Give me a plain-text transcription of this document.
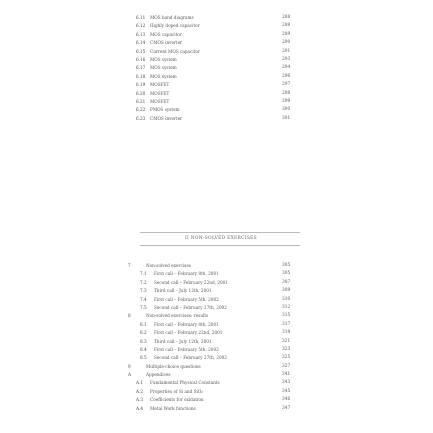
6.11 MOS band diagrams	288
6.12 Highly doped capacitor	289
6.13 MOS capacitor	289
6.14 CMOS inverter	290
6.15 Current MOS capacitor	291
6.16 MOS system	293
6.17 MOS system	294
6.18 MOS system	296
6.19 MOSFET	297
6.20 MOSFET	298
6.21 MOSFET	299
6.22 PMOS system	300
6.23 CMOS inverter	301
II NON-SOLVED EXERCISES
7	Non-solved exercises	305
7.1 First call – February 8th, 2001	305
7.2 Second call – February 22nd, 2001	307
7.3 Third call – July 12th, 2001	309
7.4 First call – February 5th, 2002	310
7.5 Second call – February 27th, 2002	312
8	Non-solved exercises: results	315
8.1 First call – February 8th, 2001	317
8.2 First call – February 22nd, 2001	319
8.3 Third call – July 12th, 2001	321
8.4 First call – February 5th, 2002	323
8.5 Second call – February 27th, 2002	325
9	Multiple-choice questions	327
A	Appendices	341
A.1 Fundamental Physical Constants	343
A.2 Properties of Si and SiO₂	345
A.3 Coefficients for oxidation	346
A.4 Metal Work functions	347
